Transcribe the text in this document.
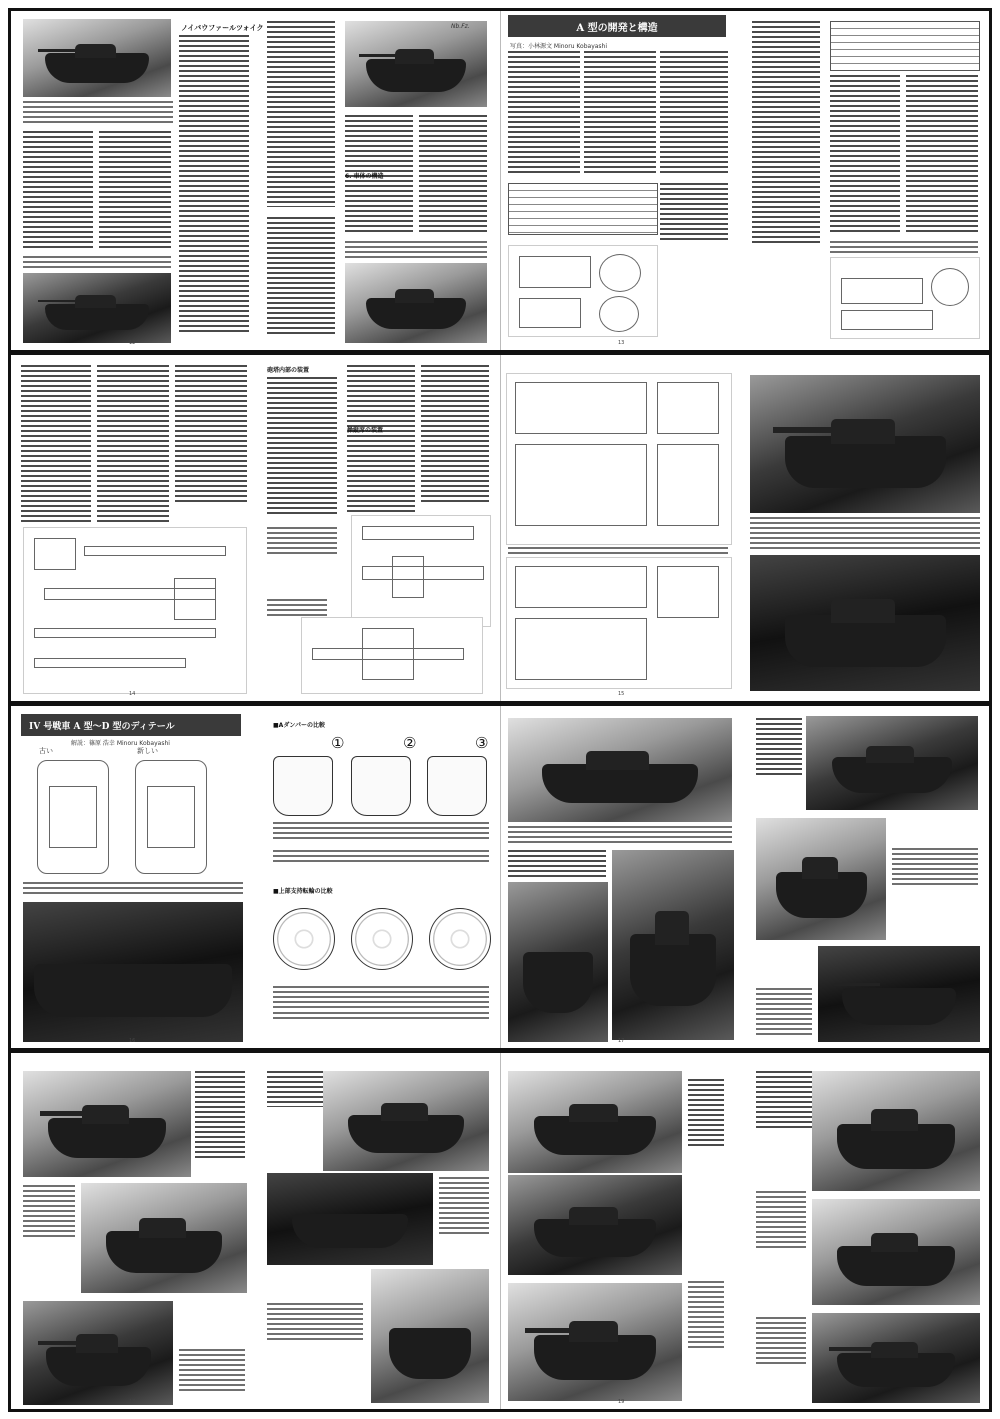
ノイバウファールツォイク	Nb.Fz.
6. 車体の構造
12
A 型の開発と構造
写真：小林源文 Minoru Kobayashi
13
砲塔内部の装置
操縦席の装置
14	15
IV 号戦車 A 型～D 型のディテール
解説：篠原 浩幸 Minoru Kobayashi
古い	新しい
■Aダンパーの比較
①	②	③
■上部支持転輪の比較
16	17
18	19
